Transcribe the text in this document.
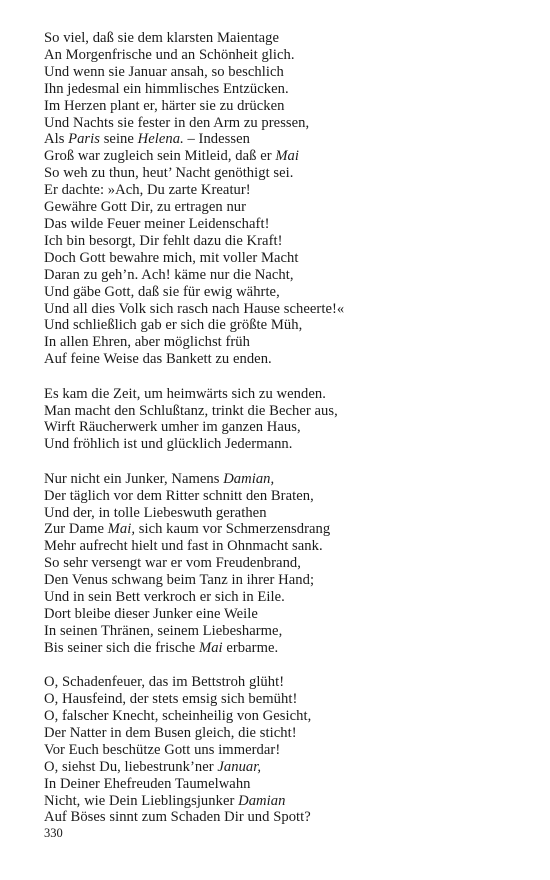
So viel, daß sie dem klarsten Maientage
An Morgenfrische und an Schönheit glich.
Und wenn sie Januar ansah, so beschlich
Ihn jedesmal ein himmlisches Entzücken.
Im Herzen plant er, härter sie zu drücken
Und Nachts sie fester in den Arm zu pressen,
Als Paris seine Helena. – Indessen
Groß war zugleich sein Mitleid, daß er Mai
So weh zu thun, heut’ Nacht genöthigt sei.
Er dachte: »Ach, Du zarte Kreatur!
Gewähre Gott Dir, zu ertragen nur
Das wilde Feuer meiner Leidenschaft!
Ich bin besorgt, Dir fehlt dazu die Kraft!
Doch Gott bewahre mich, mit voller Macht
Daran zu geh’n. Ach! käme nur die Nacht,
Und gäbe Gott, daß sie für ewig währte,
Und all dies Volk sich rasch nach Hause scheerte!«
Und schließlich gab er sich die größte Müh,
In allen Ehren, aber möglichst früh
Auf feine Weise das Bankett zu enden.
Es kam die Zeit, um heimwärts sich zu wenden.
Man macht den Schlußtanz, trinkt die Becher aus,
Wirft Räucherwerk umher im ganzen Haus,
Und fröhlich ist und glücklich Jedermann.
Nur nicht ein Junker, Namens Damian,
Der täglich vor dem Ritter schnitt den Braten,
Und der, in tolle Liebeswuth gerathen
Zur Dame Mai, sich kaum vor Schmerzensdrang
Mehr aufrecht hielt und fast in Ohnmacht sank.
So sehr versengt war er vom Freudenbrand,
Den Venus schwang beim Tanz in ihrer Hand;
Und in sein Bett verkroch er sich in Eile.
Dort bleibe dieser Junker eine Weile
In seinen Thränen, seinem Liebesharme,
Bis seiner sich die frische Mai erbarme.
O, Schadenfeuer, das im Bettstroh glüht!
O, Hausfeind, der stets emsig sich bemüht!
O, falscher Knecht, scheinheilig von Gesicht,
Der Natter in dem Busen gleich, die sticht!
Vor Euch beschütze Gott uns immerdar!
O, siehst Du, liebestrunk’ner Januar,
In Deiner Ehefreuden Taumelwahn
Nicht, wie Dein Lieblingsjunker Damian
Auf Böses sinnt zum Schaden Dir und Spott?
330
